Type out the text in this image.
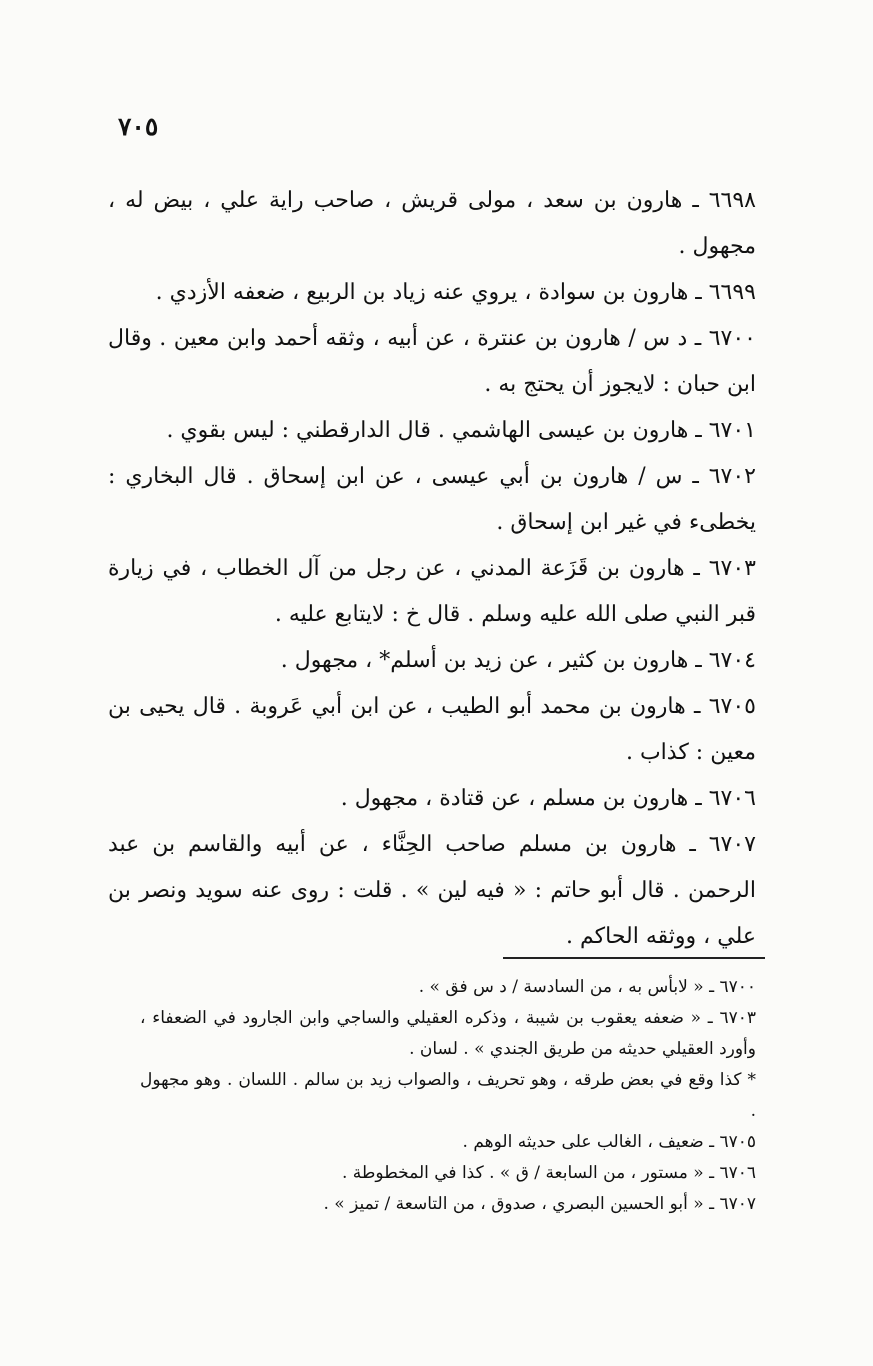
٧٠٥

٦٦٩٨ ـ هارون بن سعد ، مولى قريش ، صاحب راية علي ، بيض له ، مجهول .

٦٦٩٩ ـ هارون بن سوادة ، يروي عنه زياد بن الربيع ، ضعفه الأزدي .

٦٧٠٠ ـ د س / هارون بن عنترة ، عن أبيه ، وثقه أحمد وابن معين . وقال ابن حبان : لايجوز أن يحتج به .

٦٧٠١ ـ هارون بن عيسى الهاشمي . قال الدارقطني : ليس بقوي .

٦٧٠٢ ـ س / هارون بن أبي عيسى ، عن ابن إسحاق . قال البخاري : يخطىء في غير ابن إسحاق .

٦٧٠٣ ـ هارون بن قَزَعة المدني ، عن رجل من آل الخطاب ، في زيارة قبر النبي صلى الله عليه وسلم . قال خ : لايتابع عليه .

٦٧٠٤ ـ هارون بن كثير ، عن زيد بن أسلم* ، مجهول .

٦٧٠٥ ـ هارون بن محمد أبو الطيب ، عن ابن أبي عَروبة . قال يحيى بن معين : كذاب .

٦٧٠٦ ـ هارون بن مسلم ، عن قتادة ، مجهول .

٦٧٠٧ ـ هارون بن مسلم صاحب الحِنَّاء ، عن أبيه والقاسم بن عبد الرحمن . قال أبو حاتم : « فيه لين » . قلت : روى عنه سويد ونصر بن علي ، ووثقه الحاكم .

٦٧٠٠ ـ « لابأس به ، من السادسة / د س فق » .

٦٧٠٣ ـ « ضعفه يعقوب بن شيبة ، وذكره العقيلي والساجي وابن الجارود في الضعفاء ، وأورد العقيلي حديثه من طريق الجندي » . لسان .

* كذا وقع في بعض طرقه ، وهو تحريف ، والصواب زيد بن سالم . اللسان . وهو مجهول .

٦٧٠٥ ـ ضعيف ، الغالب على حديثه الوهم .

٦٧٠٦ ـ « مستور ، من السابعة / ق » . كذا في المخطوطة .

٦٧٠٧ ـ « أبو الحسين البصري ، صدوق ، من التاسعة / تميز » .
